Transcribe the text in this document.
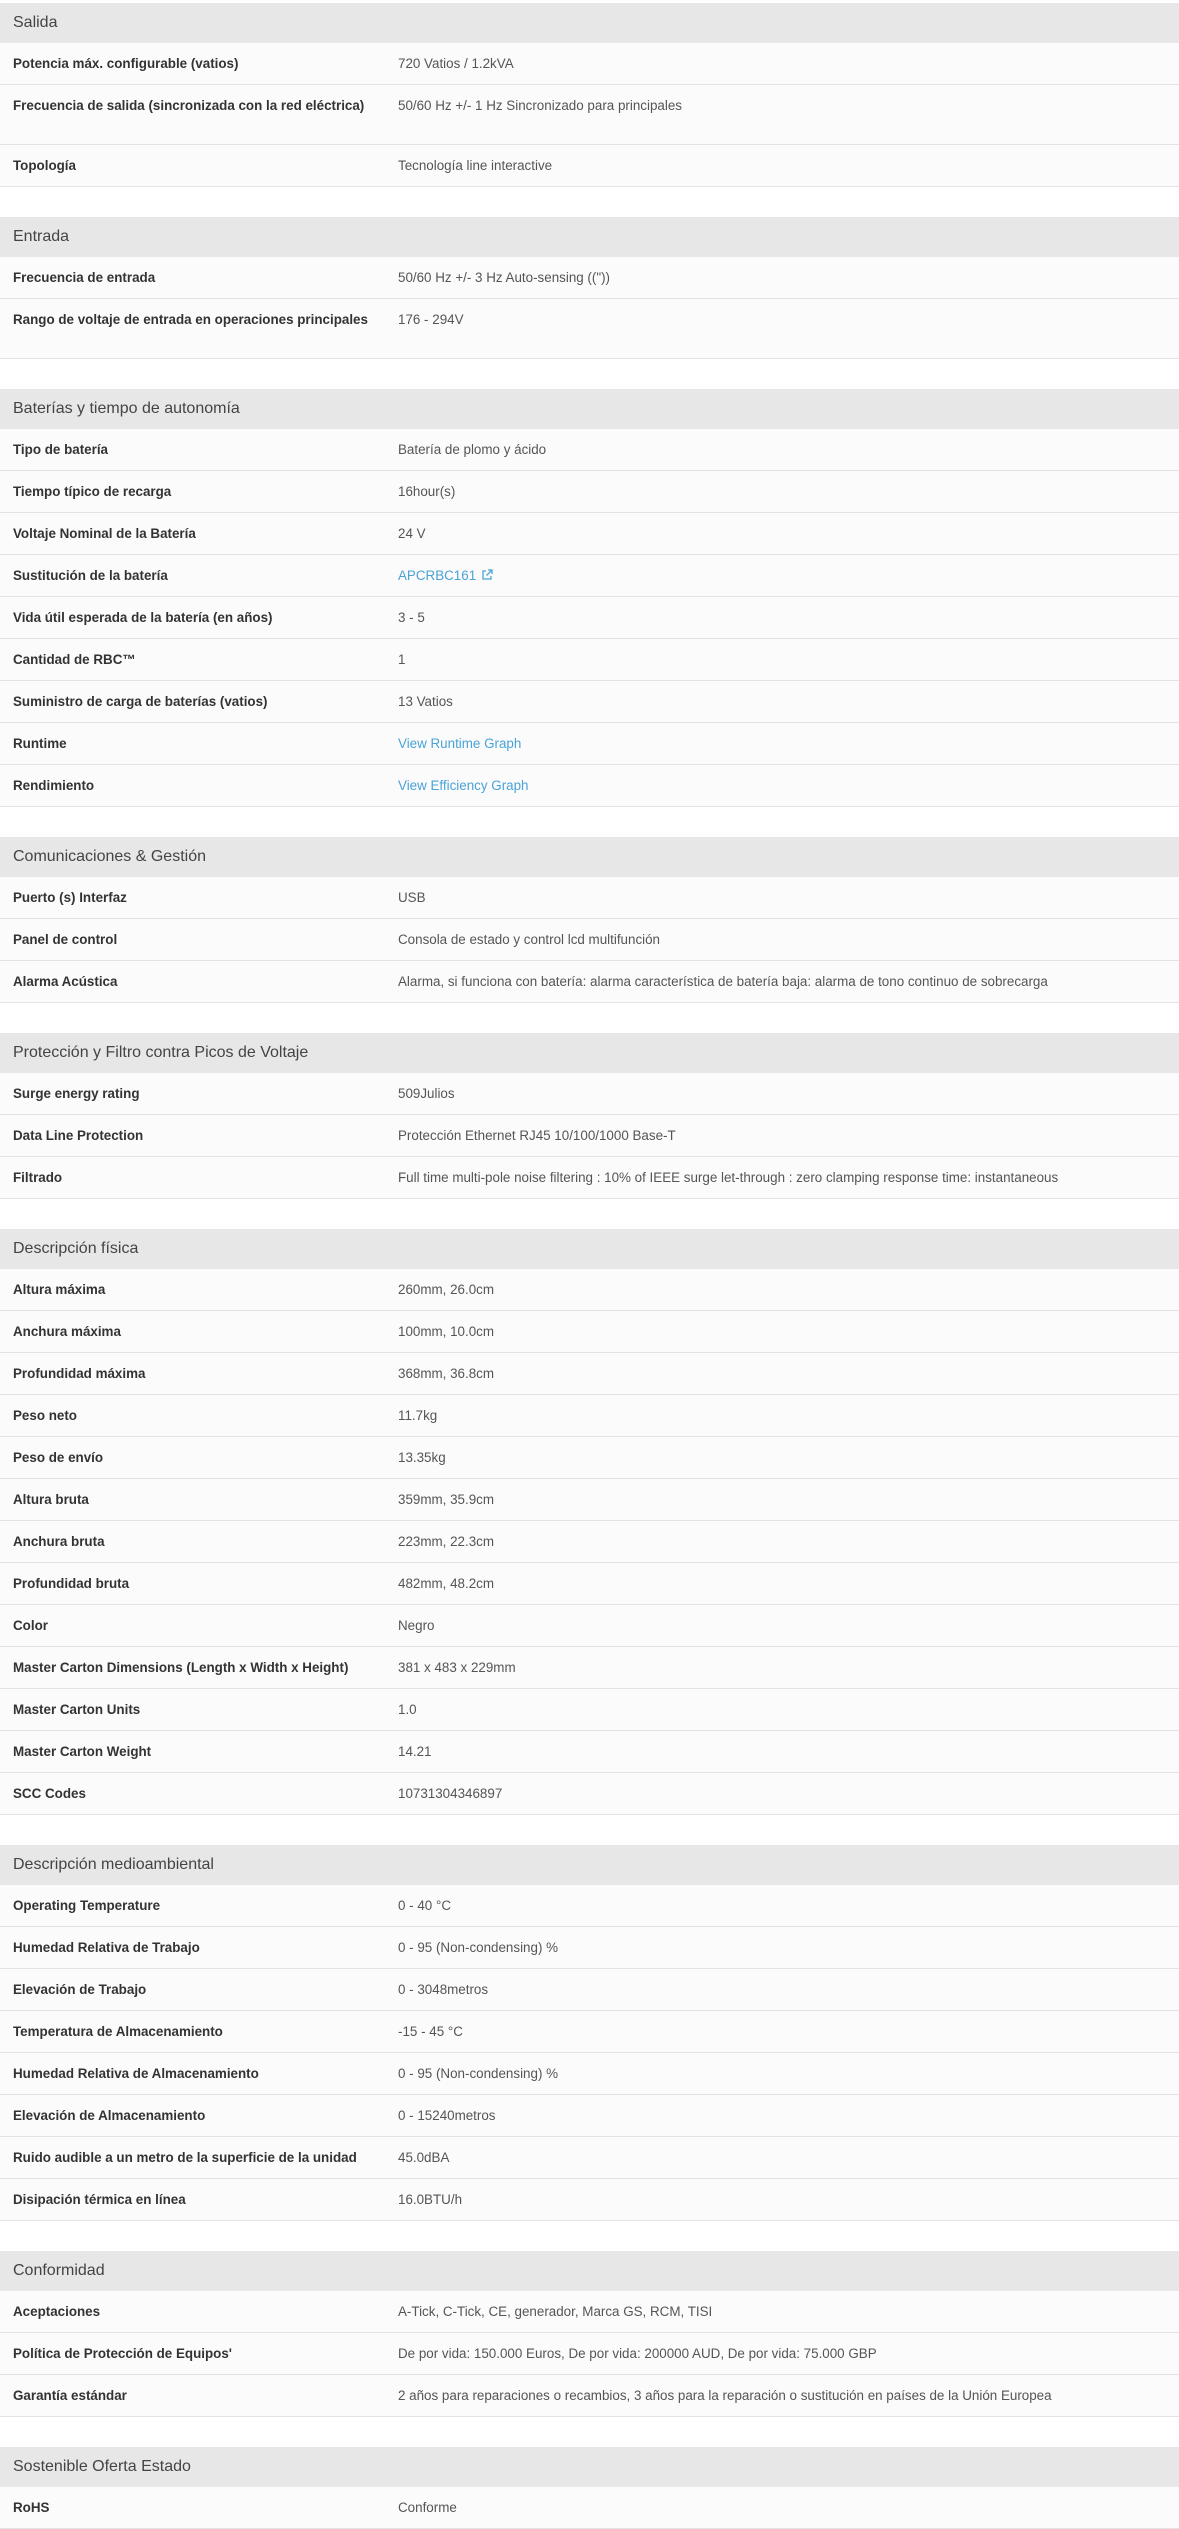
Salida
Potencia máx. configurable (vatios)	720 Vatios / 1.2kVA
Frecuencia de salida (sincronizada con la red eléctrica)	50/60 Hz +/- 1 Hz Sincronizado para principales
Topología	Tecnología line interactive
Entrada
Frecuencia de entrada	50/60 Hz +/- 3 Hz Auto-sensing (("))
Rango de voltaje de entrada en operaciones principales	176 - 294V
Baterías y tiempo de autonomía
Tipo de batería	Batería de plomo y ácido
Tiempo típico de recarga	16hour(s)
Voltaje Nominal de la Batería	24 V
Sustitución de la batería	APCRBC161
Vida útil esperada de la batería (en años)	3 - 5
Cantidad de RBC™	1
Suministro de carga de baterías (vatios)	13 Vatios
Runtime	View Runtime Graph
Rendimiento	View Efficiency Graph
Comunicaciones & Gestión
Puerto (s) Interfaz	USB
Panel de control	Consola de estado y control lcd multifunción
Alarma Acústica	Alarma, si funciona con batería: alarma característica de batería baja: alarma de tono continuo de sobrecarga
Protección y Filtro contra Picos de Voltaje
Surge energy rating	509Julios
Data Line Protection	Protección Ethernet RJ45 10/100/1000 Base-T
Filtrado	Full time multi-pole noise filtering : 10% of IEEE surge let-through : zero clamping response time: instantaneous
Descripción física
Altura máxima	260mm, 26.0cm
Anchura máxima	100mm, 10.0cm
Profundidad máxima	368mm, 36.8cm
Peso neto	11.7kg
Peso de envío	13.35kg
Altura bruta	359mm, 35.9cm
Anchura bruta	223mm, 22.3cm
Profundidad bruta	482mm, 48.2cm
Color	Negro
Master Carton Dimensions (Length x Width x Height)	381 x 483 x 229mm
Master Carton Units	1.0
Master Carton Weight	14.21
SCC Codes	10731304346897
Descripción medioambiental
Operating Temperature	0 - 40 °C
Humedad Relativa de Trabajo	0 - 95 (Non-condensing) %
Elevación de Trabajo	0 - 3048metros
Temperatura de Almacenamiento	-15 - 45 °C
Humedad Relativa de Almacenamiento	0 - 95 (Non-condensing) %
Elevación de Almacenamiento	0 - 15240metros
Ruido audible a un metro de la superficie de la unidad	45.0dBA
Disipación térmica en línea	16.0BTU/h
Conformidad
Aceptaciones	A-Tick, C-Tick, CE, generador, Marca GS, RCM, TISI
Política de Protección de Equipos'	De por vida: 150.000 Euros, De por vida: 200000 AUD, De por vida: 75.000 GBP
Garantía estándar	2 años para reparaciones o recambios, 3 años para la reparación o sustitución en países de la Unión Europea
Sostenible Oferta Estado
RoHS	Conforme
